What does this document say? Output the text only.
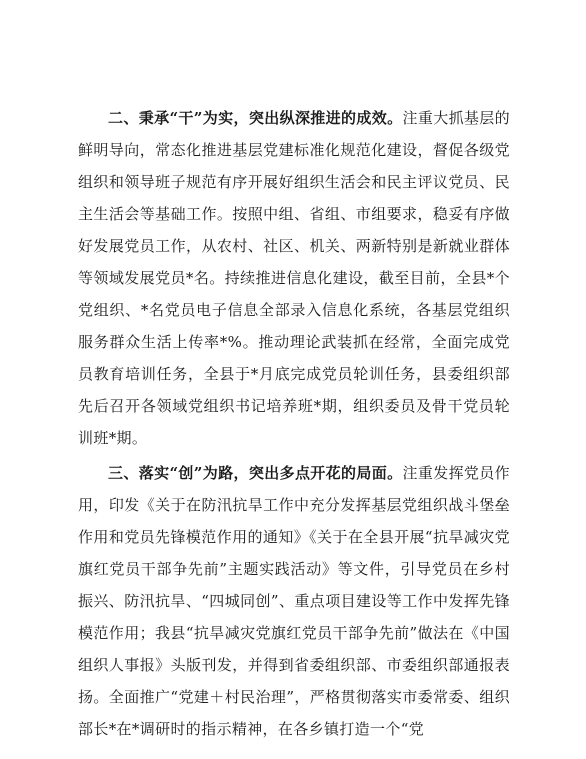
二、秉承“干”为实，突出纵深推进的成效。注重大抓基层的鲜明导向，常态化推进基层党建标准化规范化建设，督促各级党组织和领导班子规范有序开展好组织生活会和民主评议党员、民主生活会等基础工作。按照中组、省组、市组要求，稳妥有序做好发展党员工作，从农村、社区、机关、两新特别是新就业群体等领域发展党员*名。持续推进信息化建设，截至目前，全县*个党组织、*名党员电子信息全部录入信息化系统，各基层党组织服务群众生活上传率*%。推动理论武装抓在经常，全面完成党员教育培训任务，全县于*月底完成党员轮训任务，县委组织部先后召开各领域党组织书记培养班*期，组织委员及骨干党员轮训班*期。

三、落实“创”为路，突出多点开花的局面。注重发挥党员作用，印发《关于在防汛抗旱工作中充分发挥基层党组织战斗堡垒作用和党员先锋模范作用的通知》《关于在全县开展“抗旱减灾党旗红党员干部争先前”主题实践活动》等文件，引导党员在乡村振兴、防汛抗旱、“四城同创”、重点项目建设等工作中发挥先锋模范作用；我县“抗旱减灾党旗红党员干部争先前”做法在《中国组织人事报》头版刊发，并得到省委组织部、市委组织部通报表扬。全面推广“党建＋村民治理”，严格贯彻落实市委常委、组织部长*在*调研时的指示精神，在各乡镇打造一个“党
